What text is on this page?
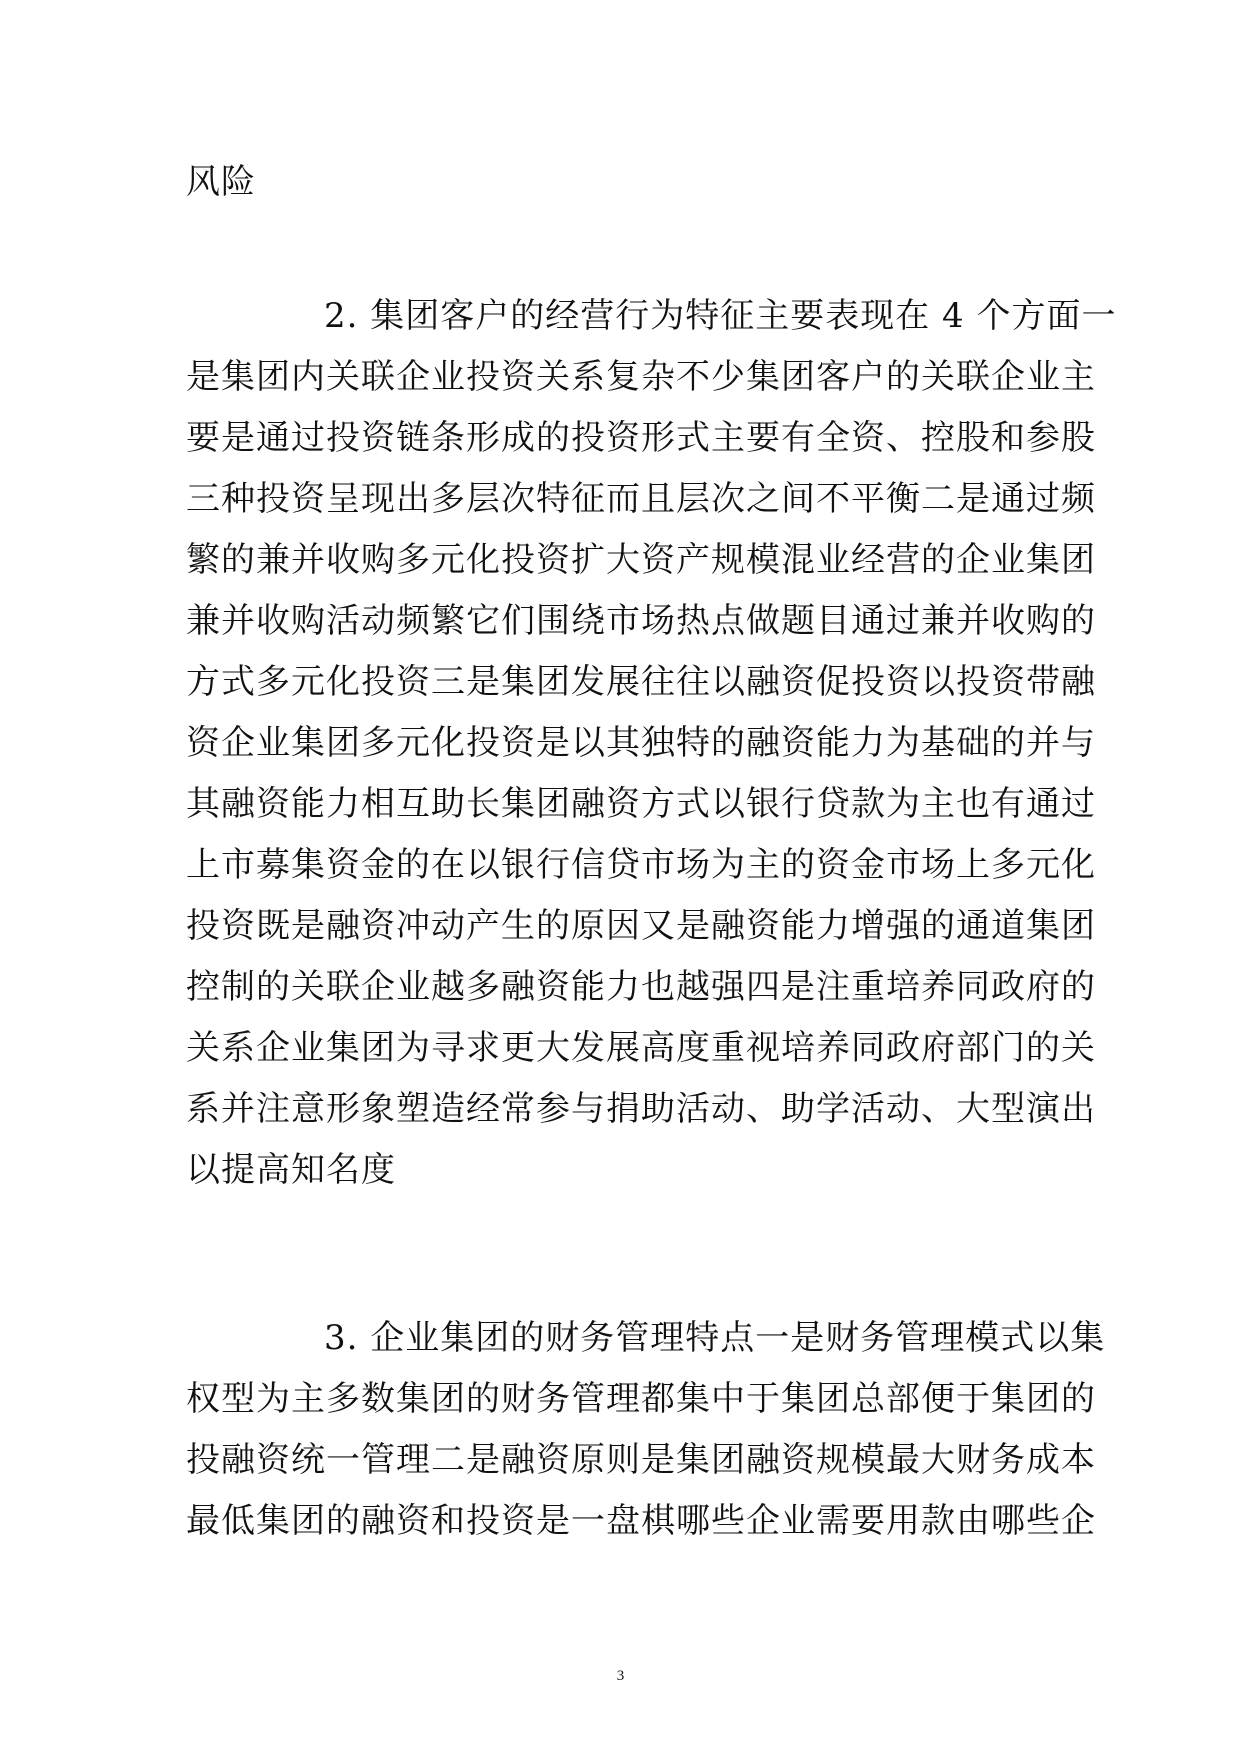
风险
2. 集团客户的经营行为特征主要表现在 4 个方面一
是集团内关联企业投资关系复杂不少集团客户的关联企业主
要是通过投资链条形成的投资形式主要有全资、控股和参股
三种投资呈现出多层次特征而且层次之间不平衡二是通过频
繁的兼并收购多元化投资扩大资产规模混业经营的企业集团
兼并收购活动频繁它们围绕市场热点做题目通过兼并收购的
方式多元化投资三是集团发展往往以融资促投资以投资带融
资企业集团多元化投资是以其独特的融资能力为基础的并与
其融资能力相互助长集团融资方式以银行贷款为主也有通过
上市募集资金的在以银行信贷市场为主的资金市场上多元化
投资既是融资冲动产生的原因又是融资能力增强的通道集团
控制的关联企业越多融资能力也越强四是注重培养同政府的
关系企业集团为寻求更大发展高度重视培养同政府部门的关
系并注意形象塑造经常参与捐助活动、助学活动、大型演出
以提高知名度
3. 企业集团的财务管理特点一是财务管理模式以集
权型为主多数集团的财务管理都集中于集团总部便于集团的
投融资统一管理二是融资原则是集团融资规模最大财务成本
最低集团的融资和投资是一盘棋哪些企业需要用款由哪些企
3
